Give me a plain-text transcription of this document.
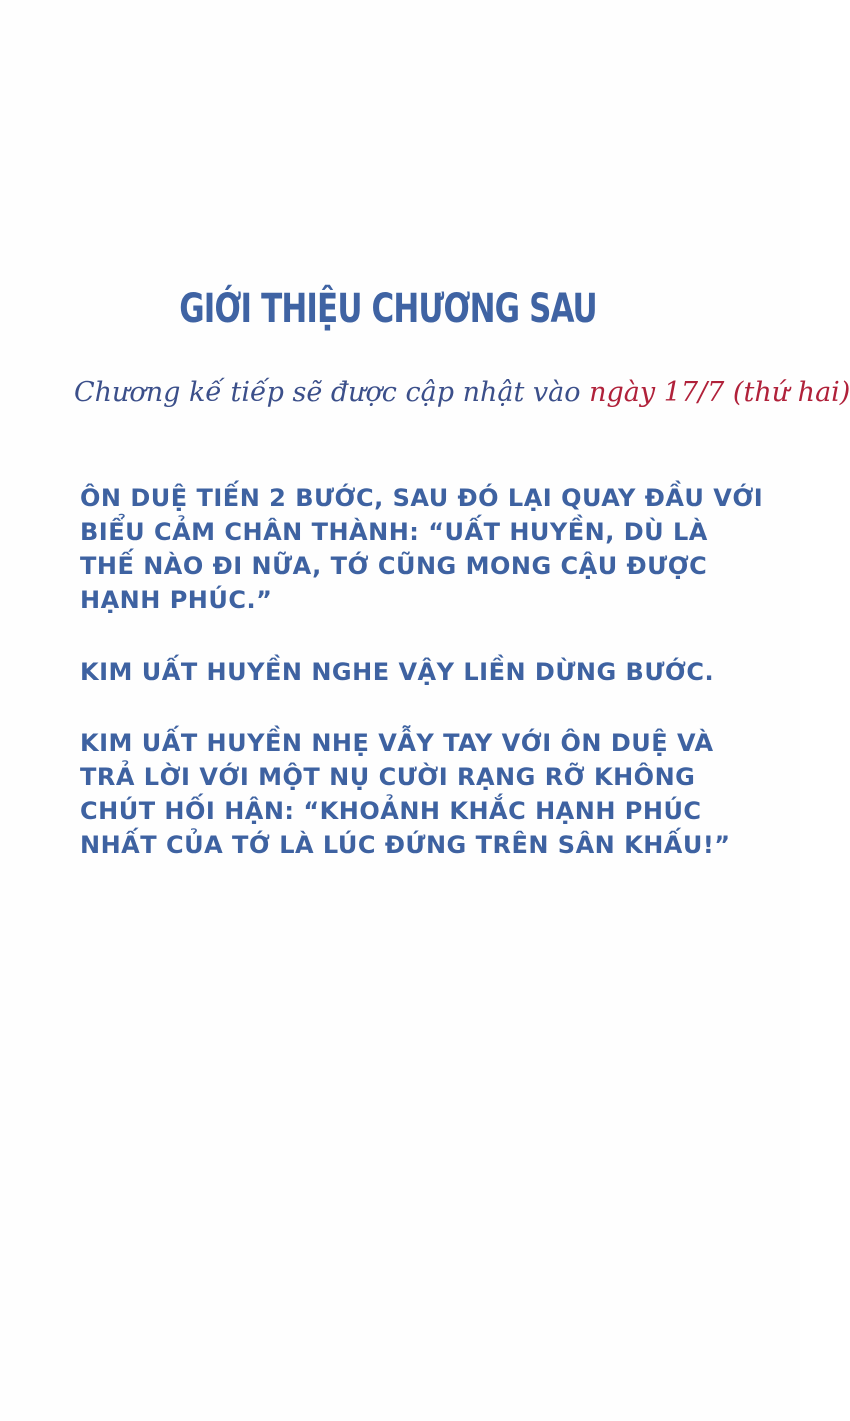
GIỚI THIỆU CHƯƠNG SAU
Chương kế tiếp sẽ được cập nhật vào ngày 17/7 (thứ hai)
ÔN DUỆ TIẾN 2 BƯỚC, SAU ĐÓ LẠI QUAY ĐẦU VỚI BIỂU CẢM CHÂN THÀNH: “UẤT HUYỀN, DÙ LÀ THẾ NÀO ĐI NỮA, TỚ CŨNG MONG CẬU ĐƯỢC HẠNH PHÚC.”
KIM UẤT HUYỀN NGHE VẬY LIỀN DỪNG BƯỚC.
KIM UẤT HUYỀN NHẸ VẪY TAY VỚI ÔN DUỆ VÀ TRẢ LỜI VỚI MỘT NỤ CƯỜI RẠNG RỠ KHÔNG CHÚT HỐI HẬN: “KHOẢNH KHẮC HẠNH PHÚC NHẤT CỦA TỚ LÀ LÚC ĐỨNG TRÊN SÂN KHẤU!”
